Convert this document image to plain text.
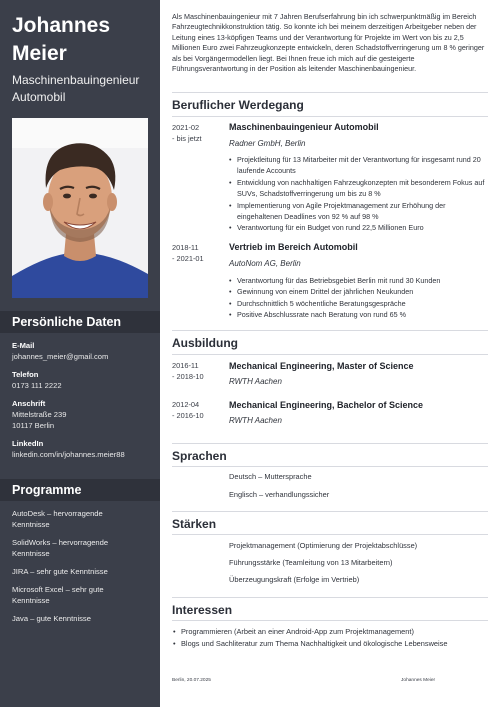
Johannes
Meier
Maschinenbauingenieur
Automobil
Persönliche Daten
E-Mail
johannes_meier@gmail.com
Telefon
0173 111 2222
Anschrift
Mittelstraße 239
10117 Berlin
LinkedIn
linkedin.com/in/johannes.meier88
Programme
AutoDesk – hervorragende
Kenntnisse
SolidWorks – hervorragende
Kenntnisse
JIRA – sehr gute Kenntnisse
Microsoft Excel – sehr gute
Kenntnisse
Java – gute Kenntnisse

Als Maschinenbauingenieur mit 7 Jahren Berufserfahrung bin ich schwerpunktmäßig im Bereich Fahrzeugtechnikkonstruktion tätig. So konnte ich bei meinem derzeitigen Arbeitgeber neben der Leitung eines 13-köpfigen Teams und der Verantwortung für Projekte im Wert von bis zu 2,5 Millionen Euro zwei Fahrzeugkonzepte entwickeln, deren Schadstoffverringerung um 8 % geringer als bei Vorgängermodellen liegt. Bei Ihnen freue ich mich auf die gesteigerte Führungsverantwortung in der Position als leitender Maschinenbauingenieur.

Beruflicher Werdegang
2021-02
- bis jetzt
Maschinenbauingenieur Automobil
Radner GmbH, Berlin
• Projektleitung für 13 Mitarbeiter mit der Verantwortung für insgesamt rund 20 laufende Accounts
• Entwicklung von nachhaltigen Fahrzeugkonzepten mit besonderem Fokus auf SUVs, Schadstoffverringerung um bis zu 8 %
• Implementierung von Agile Projektmanagement zur Erhöhung der eingehaltenen Deadlines von 92 % auf 98 %
• Verantwortung für ein Budget von rund 22,5 Millionen Euro
2018-11
- 2021-01
Vertrieb im Bereich Automobil
AutoNom AG, Berlin
• Verantwortung für das Betriebsgebiet Berlin mit rund 30 Kunden
• Gewinnung von einem Drittel der jährlichen Neukunden
• Durchschnittlich 5 wöchentliche Beratungsgespräche
• Positive Abschlussrate nach Beratung von rund 65 %
Ausbildung
2016-11
- 2018-10
Mechanical Engineering, Master of Science
RWTH Aachen
2012-04
- 2016-10
Mechanical Engineering, Bachelor of Science
RWTH Aachen
Sprachen
Deutsch – Muttersprache
Englisch – verhandlungssicher
Stärken
Projektmanagement (Optimierung der Projektabschlüsse)
Führungsstärke (Teamleitung von 13 Mitarbeitern)
Überzeugungskraft (Erfolge im Vertrieb)
Interessen
• Programmieren (Arbeit an einer Android-App zum Projektmanagement)
• Blogs und Sachliteratur zum Thema Nachhaltigkeit und ökologische Lebensweise
Berlin, 20.07.2025	Johannes Meier
